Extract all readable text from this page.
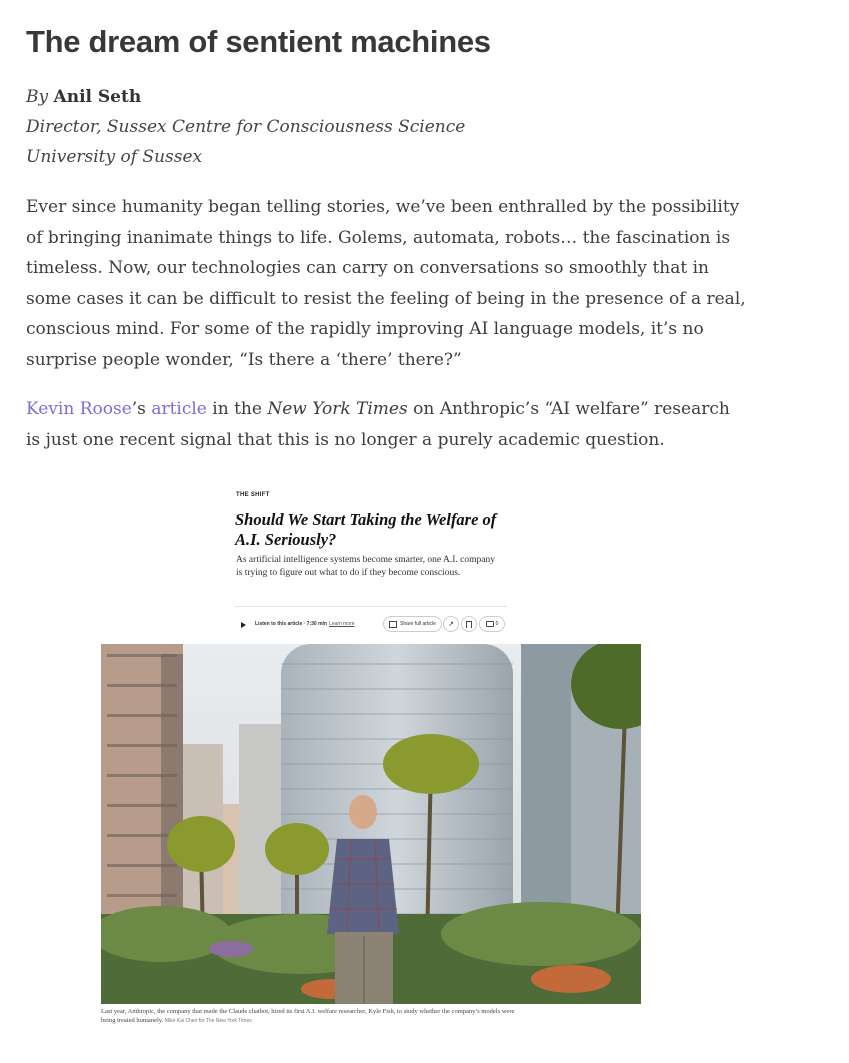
The dream of sentient machines
By Anil Seth
Director, Sussex Centre for Consciousness Science
University of Sussex

Ever since humanity began telling stories, we’ve been enthralled by the possibility of bringing inanimate things to life. Golems, automata, robots… the fascination is timeless. Now, our technologies can carry on conversations so smoothly that in some cases it can be difficult to resist the feeling of being in the presence of a real, conscious mind. For some of the rapidly improving AI language models, it’s no surprise people wonder, “Is there a ‘there’ there?”

Kevin Roose’s article in the New York Times on Anthropic’s “AI welfare” research is just one recent signal that this is no longer a purely academic question.

THE SHIFT
Should We Start Taking the Welfare of A.I. Seriously?

As artificial intelligence systems become smarter, one A.I. company is trying to figure out what to do if they become conscious.

Listen to this article · 7:30 min Learn more	Share full article ↗	0

Last year, Anthropic, the company that made the Claude chatbot, hired its first A.I. welfare researcher, Kyle Fish, to study whether the company’s models were being treated humanely. Mike Kai Chen for The New York Times
